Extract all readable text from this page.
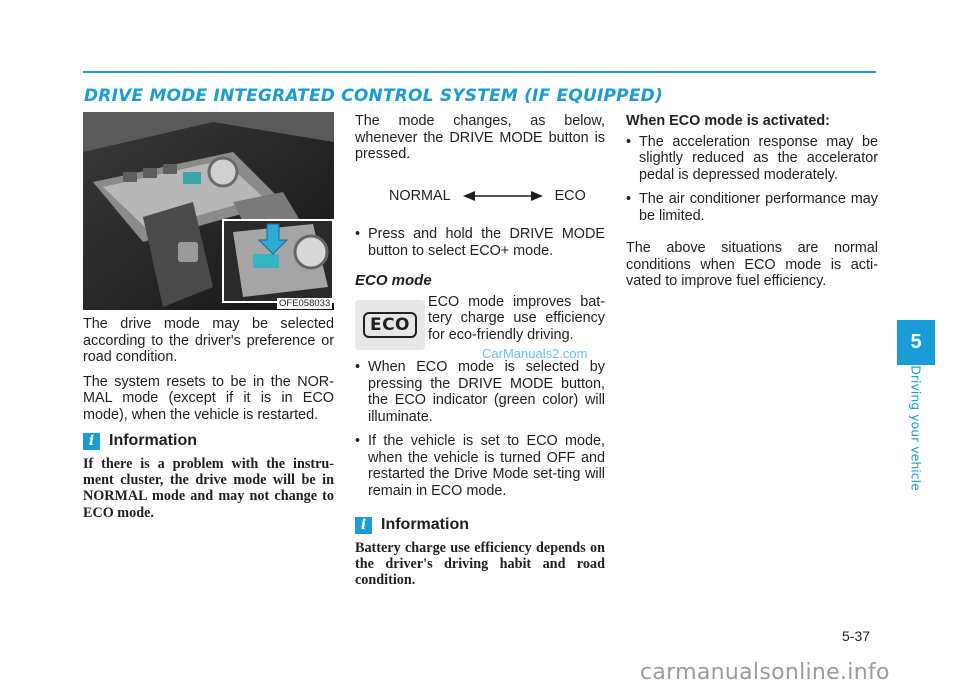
DRIVE MODE INTEGRATED CONTROL SYSTEM (IF EQUIPPED)
OFE058033

The drive mode may be selected according to the driver's preference or road condition.

The system resets to be in the NOR-MAL mode (except if it is in ECO mode), when the vehicle is restarted.

i Information

If there is a problem with the instru-ment cluster, the drive mode will be in NORMAL mode and may not change to ECO mode.

The mode changes, as below, whenever the DRIVE MODE button is pressed.

NORMAL	ECO
• Press and hold the DRIVE MODE button to select ECO+ mode.
ECO mode
ECO

ECO mode improves bat-tery charge use efficiency for eco-friendly driving.

• When ECO mode is selected by pressing the DRIVE MODE button, the ECO indicator (green color) will illuminate.
• If the vehicle is set to ECO mode, when the vehicle is turned OFF and restarted the Drive Mode set-ting will remain in ECO mode.
i Information

Battery charge use efficiency depends on the driver's driving habit and road condition.

CarManuals2.com
When ECO mode is activated:
• The acceleration response may be slightly reduced as the accelerator pedal is depressed moderately.
• The air conditioner performance may be limited.

The above situations are normal conditions when ECO mode is acti-vated to improve fuel efficiency.

5
Driving your vehicle
5-37
carmanualsonline.info
